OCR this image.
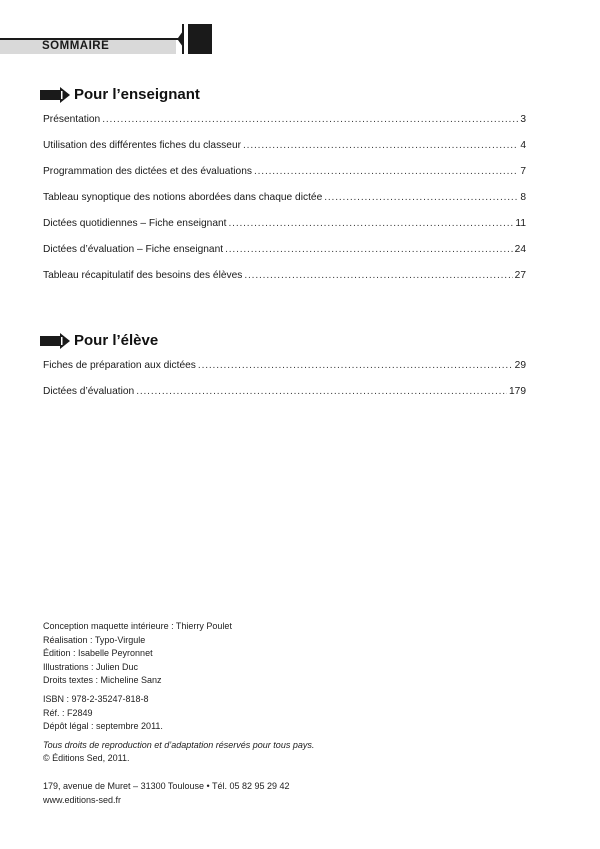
SOMMAIRE
Pour l’enseignant
Présentation . . .	3
Utilisation des différentes fiches du classeur . . .	4
Programmation des dictées et des évaluations . . .	7
Tableau synoptique des notions abordées dans chaque dictée . . .	8
Dictées quotidiennes – Fiche enseignant . . .	11
Dictées d’évaluation – Fiche enseignant . . .	24
Tableau récapitulatif des besoins des élèves . . .	27
Pour l’élève
Fiches de préparation aux dictées . . .	29
Dictées d’évaluation . . .	179
Conception maquette intérieure : Thierry Poulet
Réalisation : Typo-Virgule
Édition : Isabelle Peyronnet
Illustrations : Julien Duc
Droits textes : Micheline Sanz
ISBN : 978-2-35247-818-8
Réf. : F2849
Dépôt légal : septembre 2011.
Tous droits de reproduction et d’adaptation réservés pour tous pays.
© Éditions Sed, 2011.
179, avenue de Muret – 31300 Toulouse • Tél. 05 82 95 29 42
www.editions-sed.fr
